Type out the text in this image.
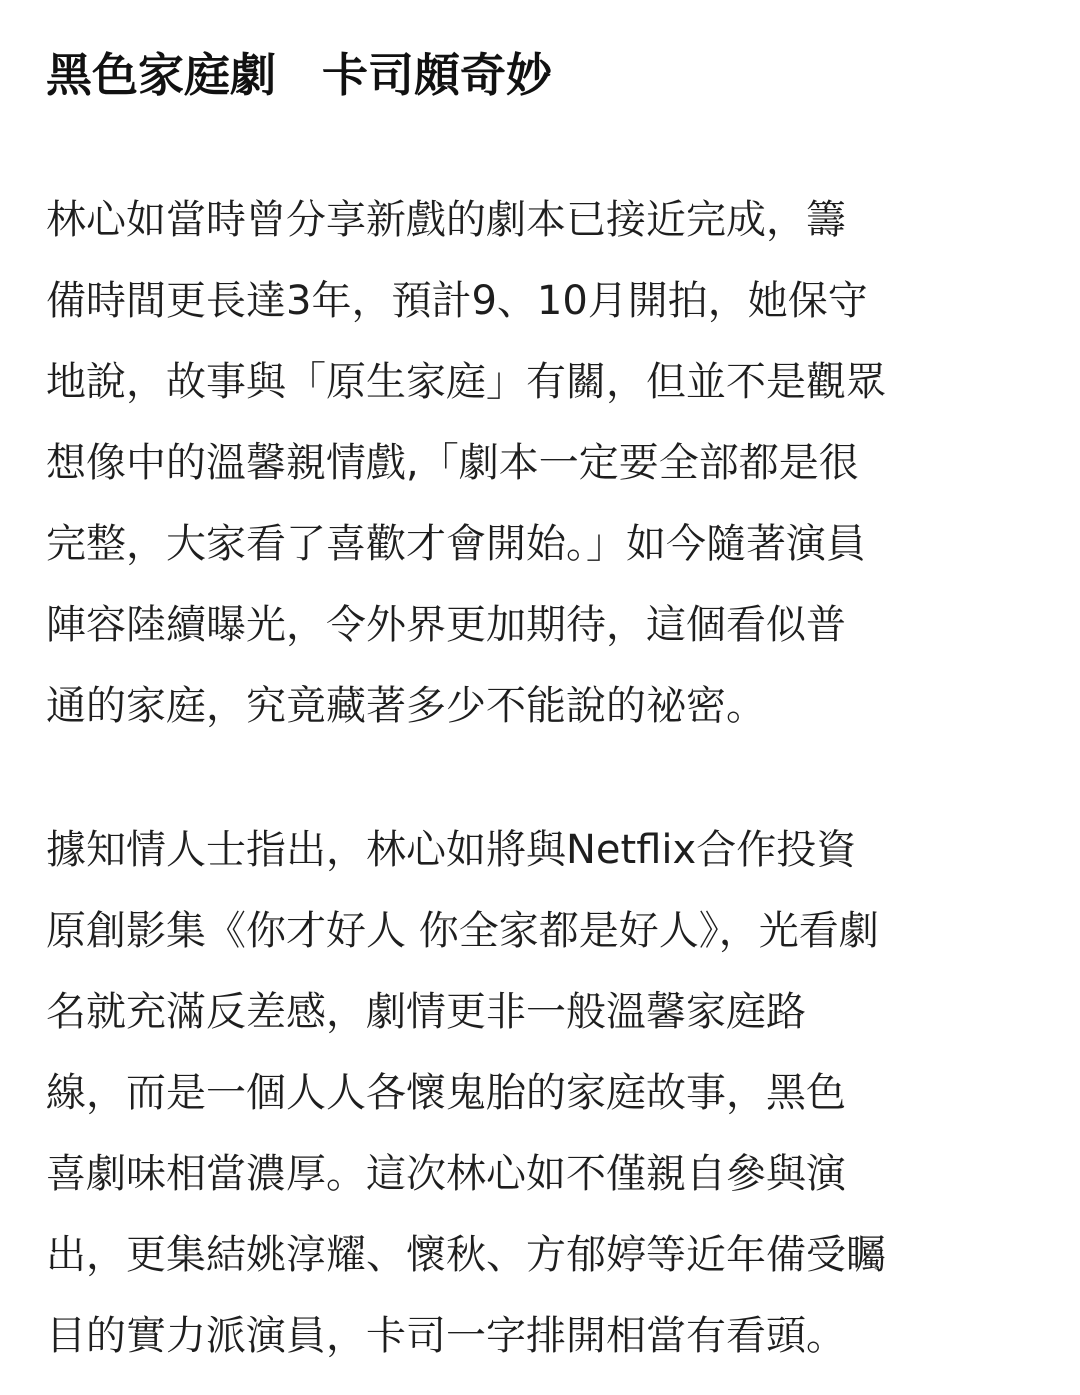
黑色家庭劇　卡司頗奇妙
林心如當時曾分享新戲的劇本已接近完成，籌
備時間更長達3年，預計9、10月開拍，她保守
地說，故事與「原生家庭」有關，但並不是觀眾
想像中的溫馨親情戲,「劇本一定要全部都是很
完整，大家看了喜歡才會開始。」如今隨著演員
陣容陸續曝光，令外界更加期待，這個看似普
通的家庭，究竟藏著多少不能說的祕密。
據知情人士指出，林心如將與Netflix合作投資
原創影集《你才好人 你全家都是好人》，光看劇
名就充滿反差感，劇情更非一般溫馨家庭路
線，而是一個人人各懷鬼胎的家庭故事，黑色
喜劇味相當濃厚。這次林心如不僅親自參與演
出，更集結姚淳耀、懷秋、方郁婷等近年備受矚
目的實力派演員，卡司一字排開相當有看頭。
